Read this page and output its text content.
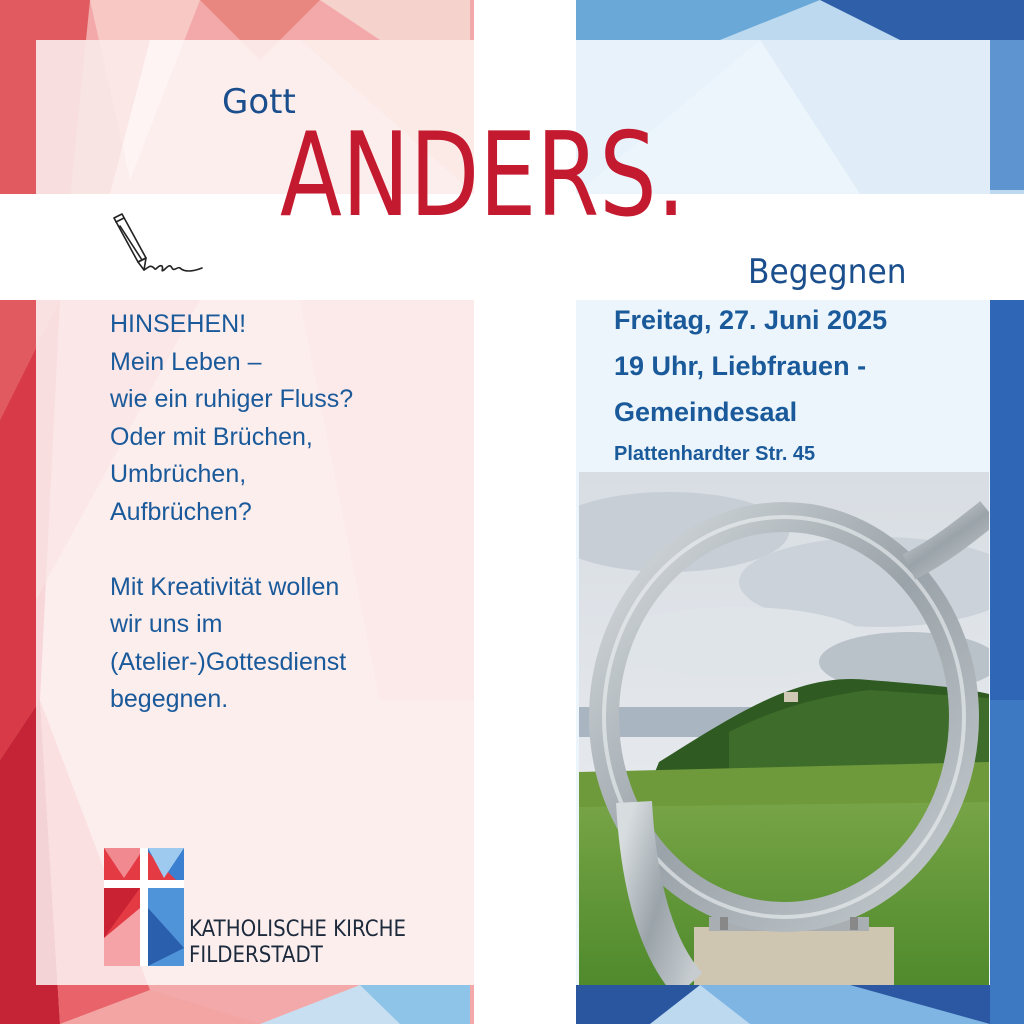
Gott
ANDERS.
Begegnen

HINSEHEN!

Mein Leben –

wie ein ruhiger Fluss?

Oder mit Brüchen,

Umbrüchen,

Aufbrüchen?

Mit Kreativität wollen

wir uns im

(Atelier-)Gottesdienst

begegnen.

Freitag, 27. Juni 2025
19 Uhr, Liebfrauen -
Gemeindesaal
Plattenhardter Str. 45
KATHOLISCHE KIRCHE
FILDERSTADT
